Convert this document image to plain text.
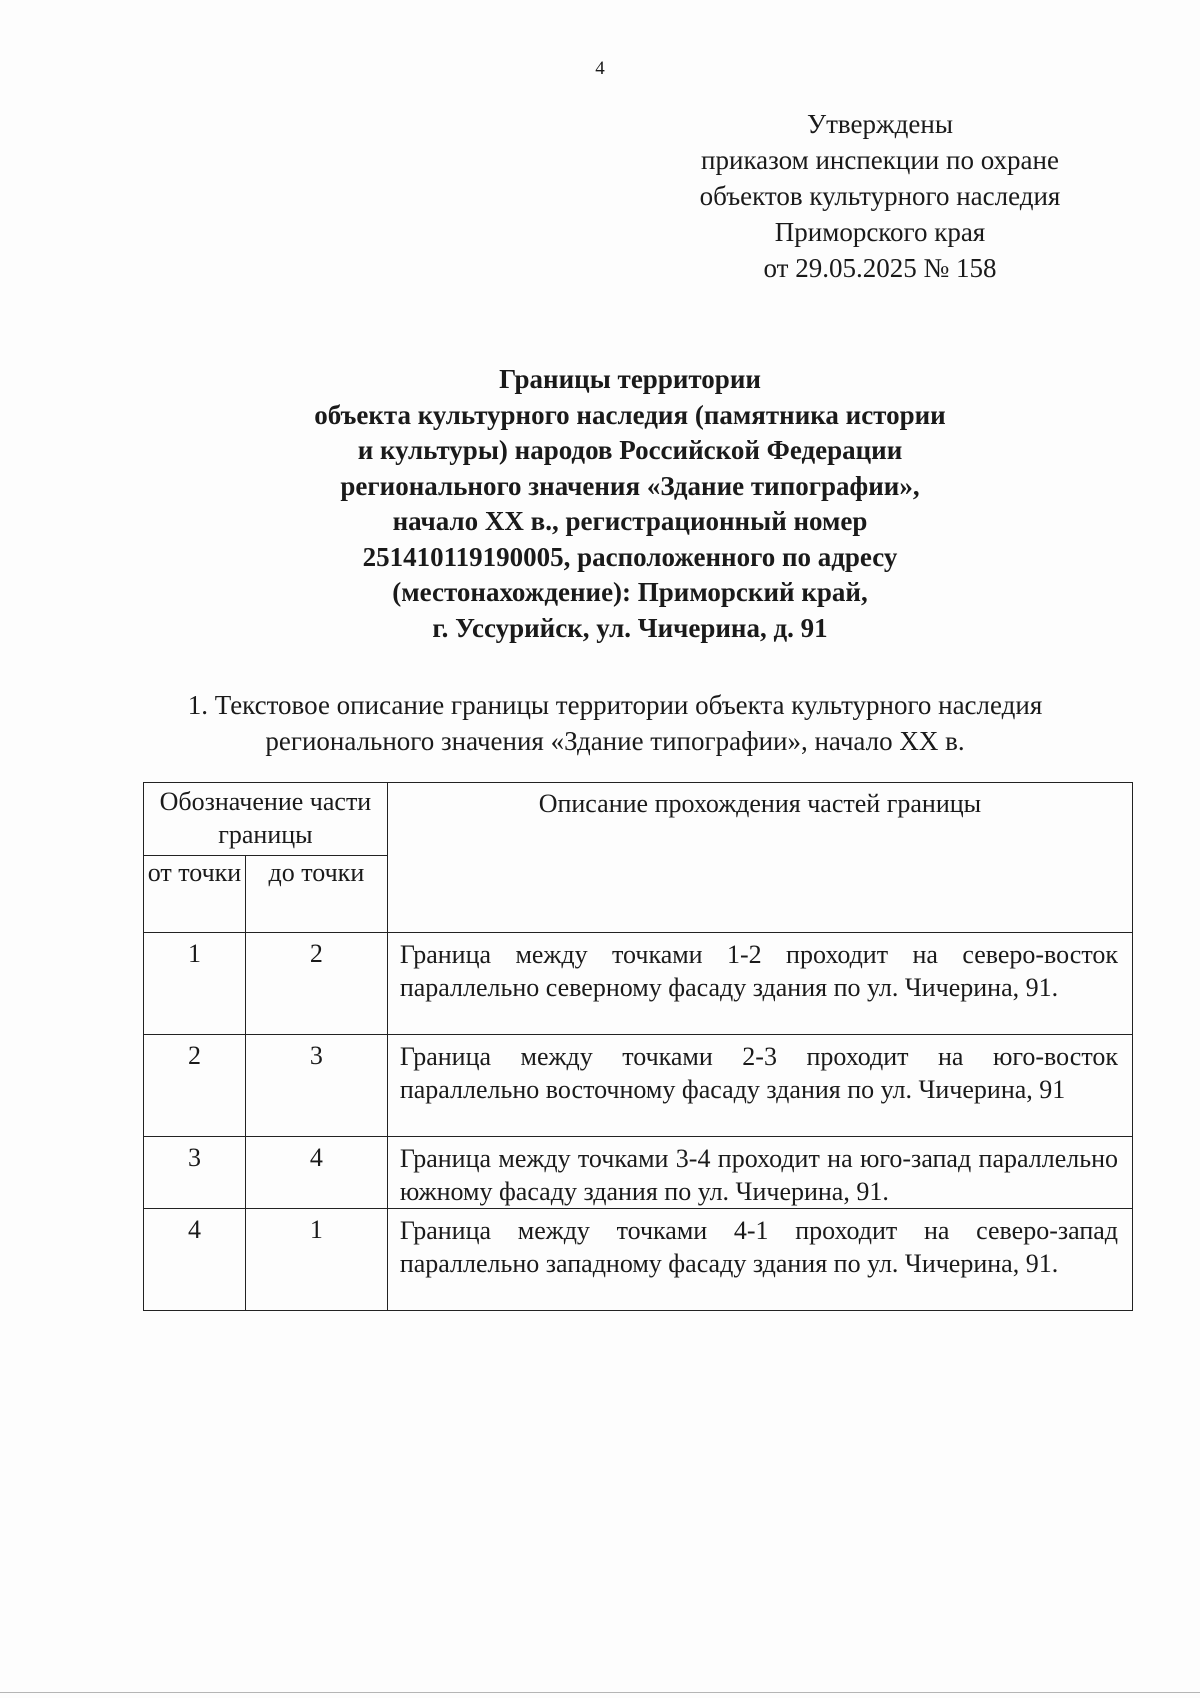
4
Утверждены
приказом инспекции по охране
объектов культурного наследия
Приморского края
от 29.05.2025 № 158
Границы территории
объекта культурного наследия (памятника истории
и культуры) народов Российской Федерации
регионального значения «Здание типографии»,
начало XX в., регистрационный номер
251410119190005, расположенного по адресу
(местонахождение): Приморский край,
г. Уссурийск, ул. Чичерина, д. 91
1. Текстовое описание границы территории объекта культурного наследия
регионального значения «Здание типографии», начало XX в.
Обозначение части границы		Описание прохождения частей границы
от точки	до точки	
1	2	Граница между точками 1-2 проходит на северо-восток параллельно северному фасаду здания по ул. Чичерина, 91.
2	3	Граница между точками 2-3 проходит на юго-восток параллельно восточному фасаду здания по ул. Чичерина, 91
3	4	Граница между точками 3-4 проходит на юго-запад параллельно южному фасаду здания по ул. Чичерина, 91.
4	1	Граница между точками 4-1 проходит на северо-запад параллельно западному фасаду здания по ул. Чичерина, 91.
